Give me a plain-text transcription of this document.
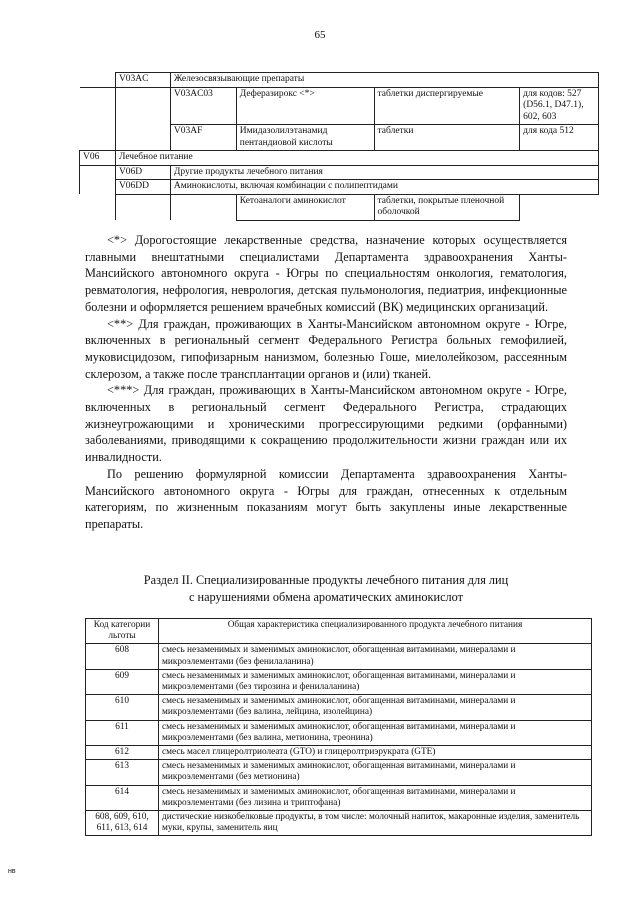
65
	V03AC	Железосвязывающие препараты			
		V03AC03	Деферазирокс <*>	таблетки диспергируемые	для кодов: 527 (D56.1, D47.1), 602, 603
		V03AF	Имидазолилэтанамид пентандиовой кислоты	таблетки	для кода 512
V06	Лечебное питание				
	V06D	Другие продукты лечебного питания			
	V06DD	Аминокислоты, включая комбинации с полипептидами			
			Кетоаналоги аминокислот	таблетки, покрытые пленочной оболочкой	

<*> Дорогостоящие лекарственные средства, назначение которых осуществляется главными внештатными специалистами Департамента здравоохранения Ханты-Мансийского автономного округа - Югры по специальностям онкология, гематология, ревматология, нефрология, неврология, детская пульмонология, педиатрия, инфекционные болезни и оформляется решением врачебных комиссий (ВК) медицинских организаций.

<**> Для граждан, проживающих в Ханты-Мансийском автономном округе - Югре, включенных в региональный сегмент Федерального Регистра больных гемофилией, муковисцидозом, гипофизарным нанизмом, болезнью Гоше, миелолейкозом, рассеянным склерозом, а также после трансплантации органов и (или) тканей.

<***> Для граждан, проживающих в Ханты-Мансийском автономном округе - Югре, включенных в региональный сегмент Федерального Регистра, страдающих жизнеугрожающими и хроническими прогрессирующими редкими (орфанными) заболеваниями, приводящими к сокращению продолжительности жизни граждан или их инвалидности.

По решению формулярной комиссии Департамента здравоохранения Ханты-Мансийского автономного округа - Югры для граждан, отнесенных к отдельным категориям, по жизненным показаниям могут быть закуплены иные лекарственные препараты.

Раздел II. Специализированные продукты лечебного питания для лиц
с нарушениями обмена ароматических аминокислот
Код категории льготы	Общая характеристика специализированного продукта лечебного питания
608	смесь незаменимых и заменимых аминокислот, обогащенная витаминами, минералами и микроэлементами (без фенилаланина)
609	смесь незаменимых и заменимых аминокислот, обогащенная витаминами, минералами и микроэлементами (без тирозина и фенилаланина)
610	смесь незаменимых и заменимых аминокислот, обогащенная витаминами, минералами и микроэлементами (без валина, лейцина, изолейцина)
611	смесь незаменимых и заменимых аминокислот, обогащенная витаминами, минералами и микроэлементами (без валина, метионина, треонина)
612	смесь масел глицеролтриолеата (GTO) и глицеролтриэрукрата (GTE)
613	смесь незаменимых и заменимых аминокислот, обогащенная витаминами, минералами и микроэлементами (без метионина)
614	смесь незаменимых и заменимых аминокислот, обогащенная витаминами, минералами и микроэлементами (без лизина и триптофана)
608, 609, 610, 611, 613, 614	дистические низкобелковые продукты, в том числе: молочный напиток, макаронные изделия, заменитель муки, крупы, заменитель яиц
нв
